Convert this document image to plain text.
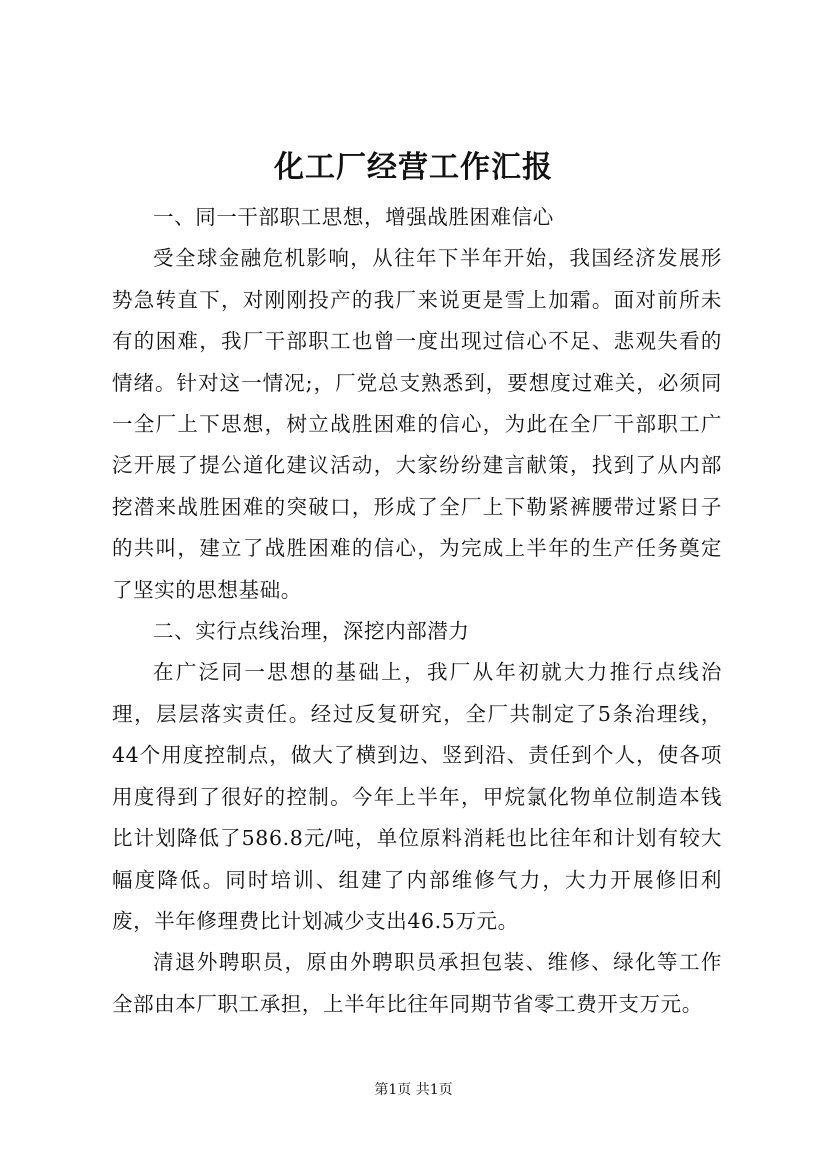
化工厂经营工作汇报

一、同一干部职工思想，增强战胜困难信心

受全球金融危机影响，从往年下半年开始，我国经济发展形势急转直下，对刚刚投产的我厂来说更是雪上加霜。面对前所未有的困难，我厂干部职工也曾一度出现过信心不足、悲观失看的情绪。针对这一情况;，厂党总支熟悉到，要想度过难关，必须同一全厂上下思想，树立战胜困难的信心，为此在全厂干部职工广泛开展了提公道化建议活动，大家纷纷建言献策，找到了从内部挖潜来战胜困难的突破口，形成了全厂上下勒紧裤腰带过紧日子的共叫，建立了战胜困难的信心，为完成上半年的生产任务奠定了坚实的思想基础。

二、实行点线治理，深挖内部潜力

在广泛同一思想的基础上，我厂从年初就大力推行点线治理，层层落实责任。经过反复研究，全厂共制定了5条治理线，44个用度控制点，做大了横到边、竖到沿、责任到个人，使各项用度得到了很好的控制。今年上半年，甲烷氯化物单位制造本钱比计划降低了586.8元/吨，单位原料消耗也比往年和计划有较大幅度降低。同时培训、组建了内部维修气力，大力开展修旧利废，半年修理费比计划减少支出46.5万元。

清退外聘职员，原由外聘职员承担包装、维修、绿化等工作全部由本厂职工承担，上半年比往年同期节省零工费开支万元。

第1页 共1页
